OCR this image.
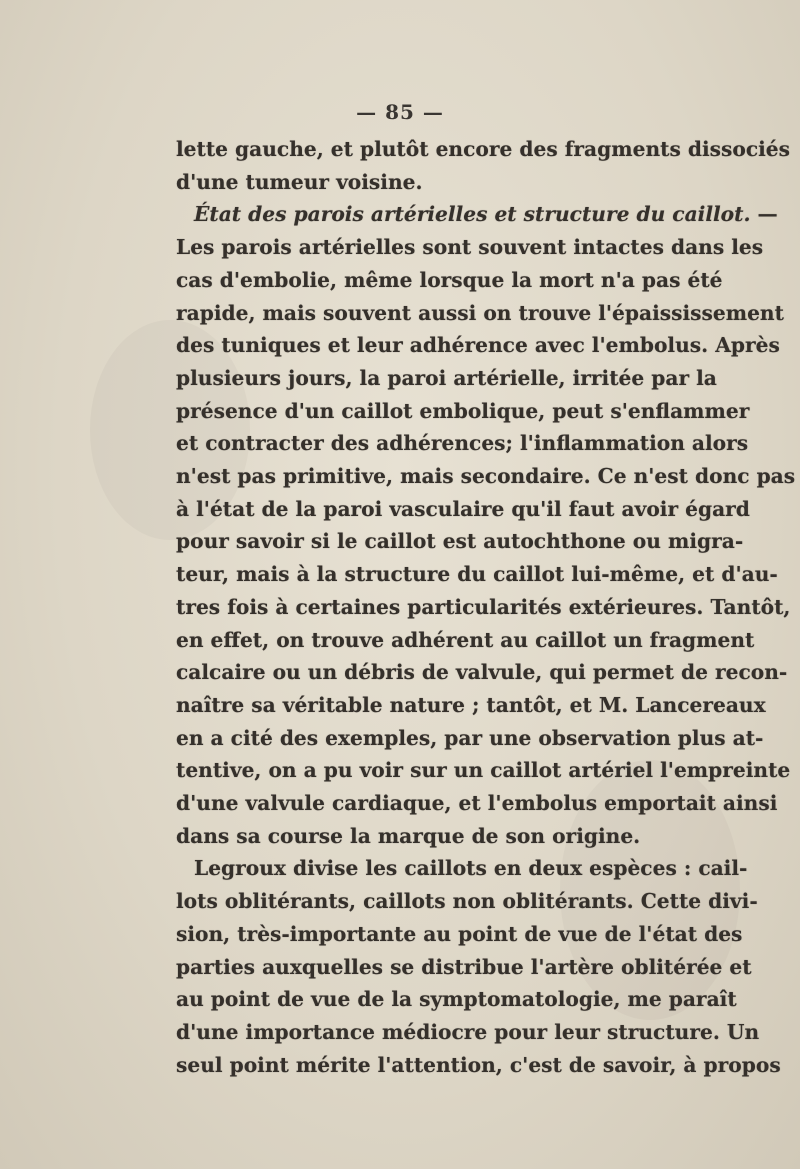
— 85 —
lette gauche, et plutôt encore des fragments dissociés
d'une tumeur voisine.
État des parois artérielles et structure du caillot. —
Les parois artérielles sont souvent intactes dans les
cas d'embolie, même lorsque la mort n'a pas été
rapide, mais souvent aussi on trouve l'épaississement
des tuniques et leur adhérence avec l'embolus. Après
plusieurs jours, la paroi artérielle, irritée par la
présence d'un caillot embolique, peut s'enflammer
et contracter des adhérences; l'inflammation alors
n'est pas primitive, mais secondaire. Ce n'est donc pas
à l'état de la paroi vasculaire qu'il faut avoir égard
pour savoir si le caillot est autochthone ou migra-
teur, mais à la structure du caillot lui-même, et d'au-
tres fois à certaines particularités extérieures. Tantôt,
en effet, on trouve adhérent au caillot un fragment
calcaire ou un débris de valvule, qui permet de recon-
naître sa véritable nature ; tantôt, et M. Lancereaux
en a cité des exemples, par une observation plus at-
tentive, on a pu voir sur un caillot artériel l'empreinte
d'une valvule cardiaque, et l'embolus emportait ainsi
dans sa course la marque de son origine.
Legroux divise les caillots en deux espèces : cail-
lots oblitérants, caillots non oblitérants. Cette divi-
sion, très-importante au point de vue de l'état des
parties auxquelles se distribue l'artère oblitérée et
au point de vue de la symptomatologie, me paraît
d'une importance médiocre pour leur structure. Un
seul point mérite l'attention, c'est de savoir, à propos
